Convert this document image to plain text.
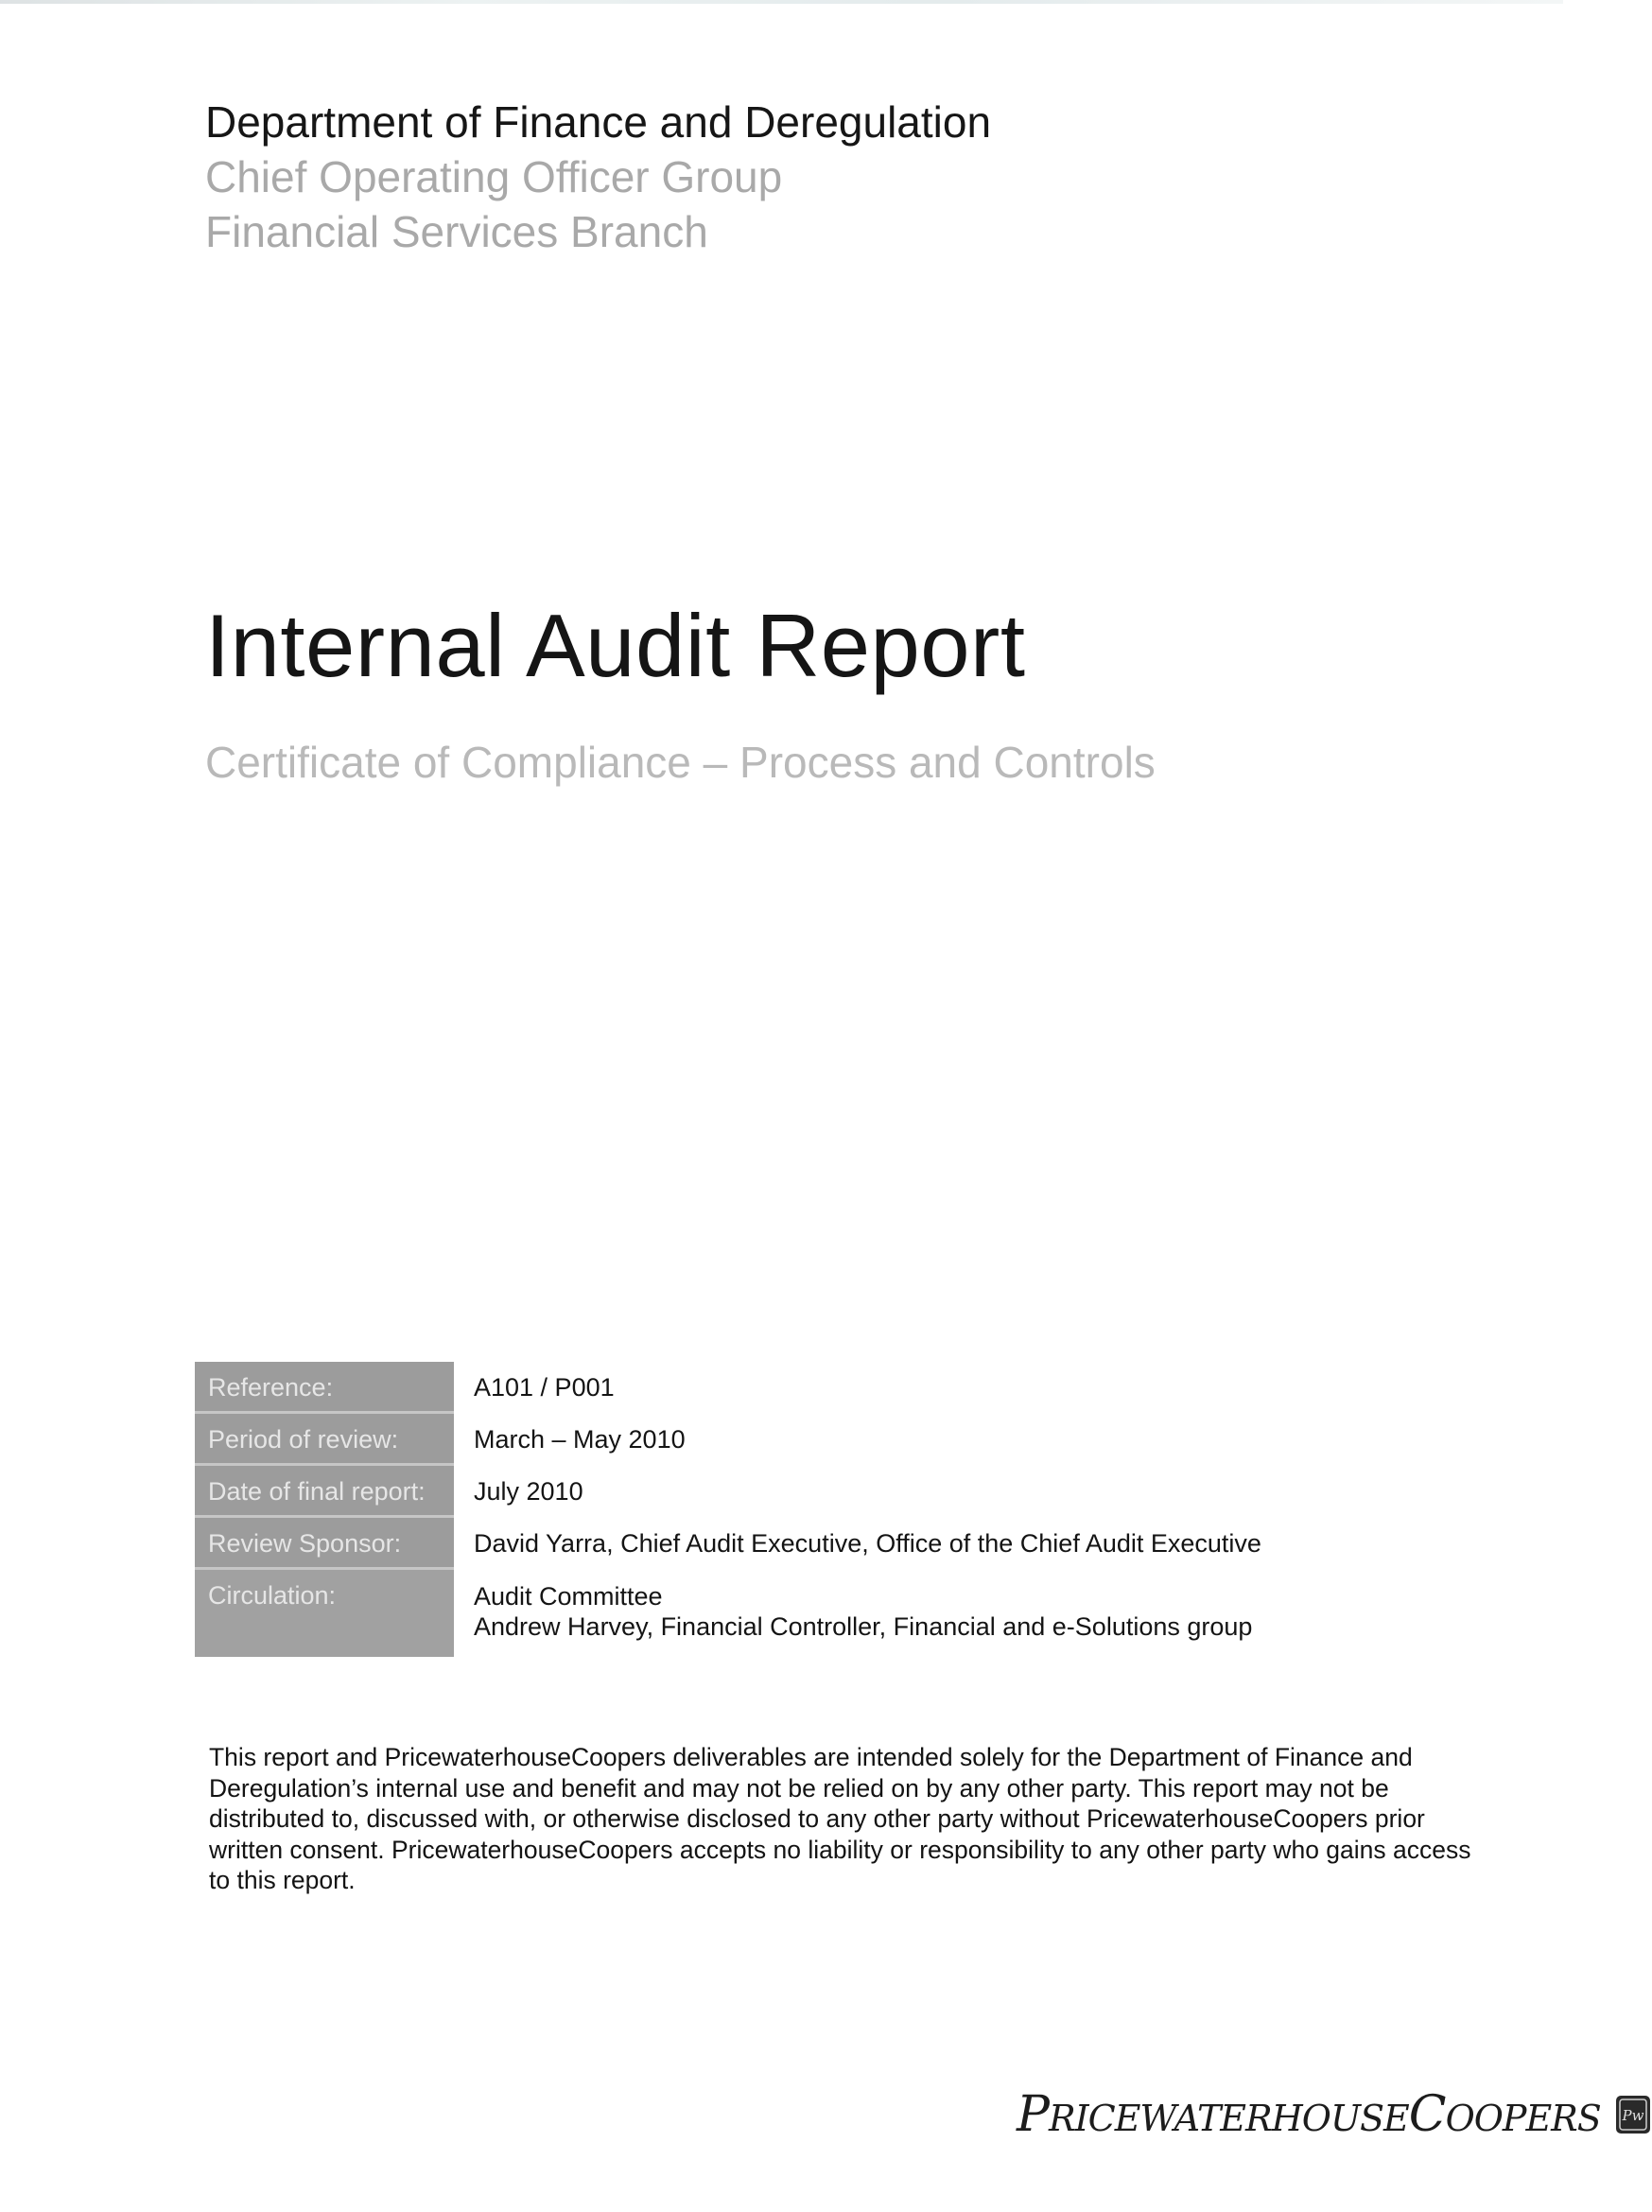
Department of Finance and Deregulation
Chief Operating Officer Group
Financial Services Branch
Internal Audit Report
Certificate of Compliance – Process and Controls
Reference:	A101 / P001
Period of review:	March – May 2010
Date of final report:	July 2010
Review Sponsor:	David Yarra, Chief Audit Executive, Office of the Chief Audit Executive
Circulation:	Audit Committee
Andrew Harvey, Financial Controller, Financial and e-Solutions group
This report and PricewaterhouseCoopers deliverables are intended solely for the Department of Finance and Deregulation’s internal use and benefit and may not be relied on by any other party. This report may not be distributed to, discussed with, or otherwise disclosed to any other party without PricewaterhouseCoopers prior written consent. PricewaterhouseCoopers accepts no liability or responsibility to any other party who gains access to this report.
PRICEWATERHOUSECOOPERS Pw
